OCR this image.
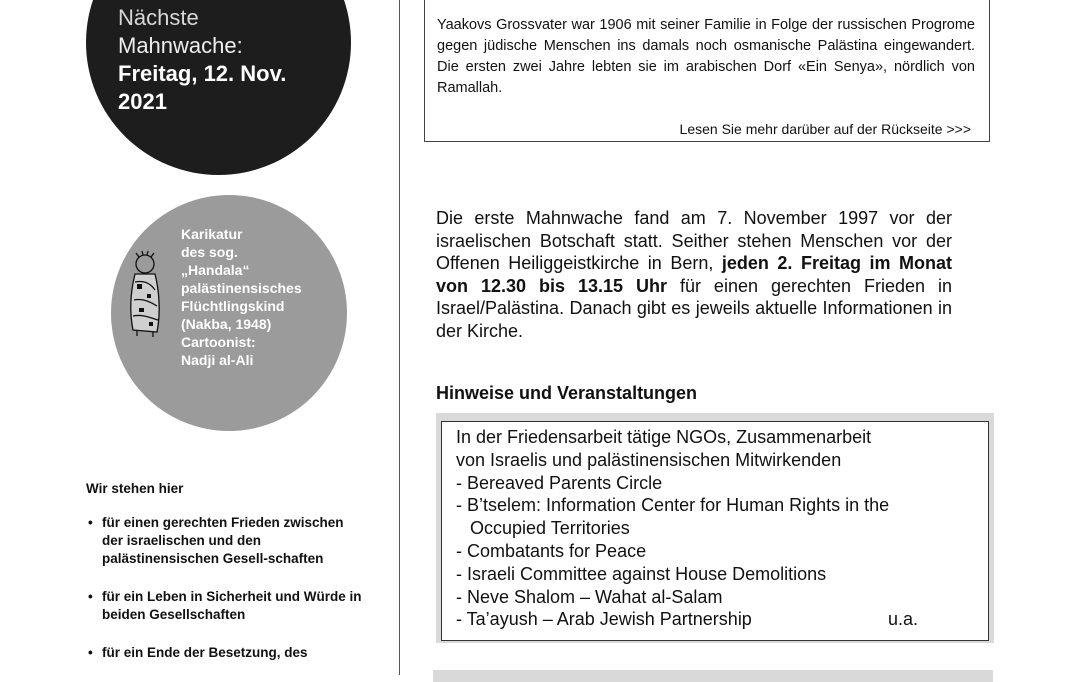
Nächste
Mahnwache:
Freitag, 12. Nov.
2021
Karikatur
des sog.
„Handala“
palästinensisches
Flüchtlingskind
(Nakba, 1948)
Cartoonist:
Nadji al-Ali

Wir stehen hier

• für einen gerechten Frieden zwischen der israelischen und den palästinensischen Gesell-schaften
• für ein Leben in Sicherheit und Würde in beiden Gesellschaften
• für ein Ende der Besetzung, des

Yaakovs Grossvater war 1906 mit seiner Familie in Folge der russischen Progrome gegen jüdische Menschen ins damals noch osmanische Palästina eingewandert. Die ersten zwei Jahre lebten sie im arabischen Dorf «Ein Senya», nördlich von Ramallah.

Lesen Sie mehr darüber auf der Rückseite >>>

Die erste Mahnwache fand am 7. November 1997 vor der israelischen Botschaft statt. Seither stehen Menschen vor der Offenen Heiliggeistkirche in Bern, jeden 2. Freitag im Monat von 12.30 bis 13.15 Uhr für einen gerechten Frieden in Israel/Palästina. Danach gibt es jeweils aktuelle Informationen in der Kirche.

Hinweise und Veranstaltungen
In der Friedensarbeit tätige NGOs, Zusammenarbeit
von Israelis und palästinensischen Mitwirkenden
- Bereaved Parents Circle
- B’tselem: Information Center for Human Rights in the
Occupied Territories
- Combatants for Peace
- Israeli Committee against House Demolitions
- Neve Shalom – Wahat al-Salam
- Ta’ayush – Arab Jewish Partnership	u.a.
